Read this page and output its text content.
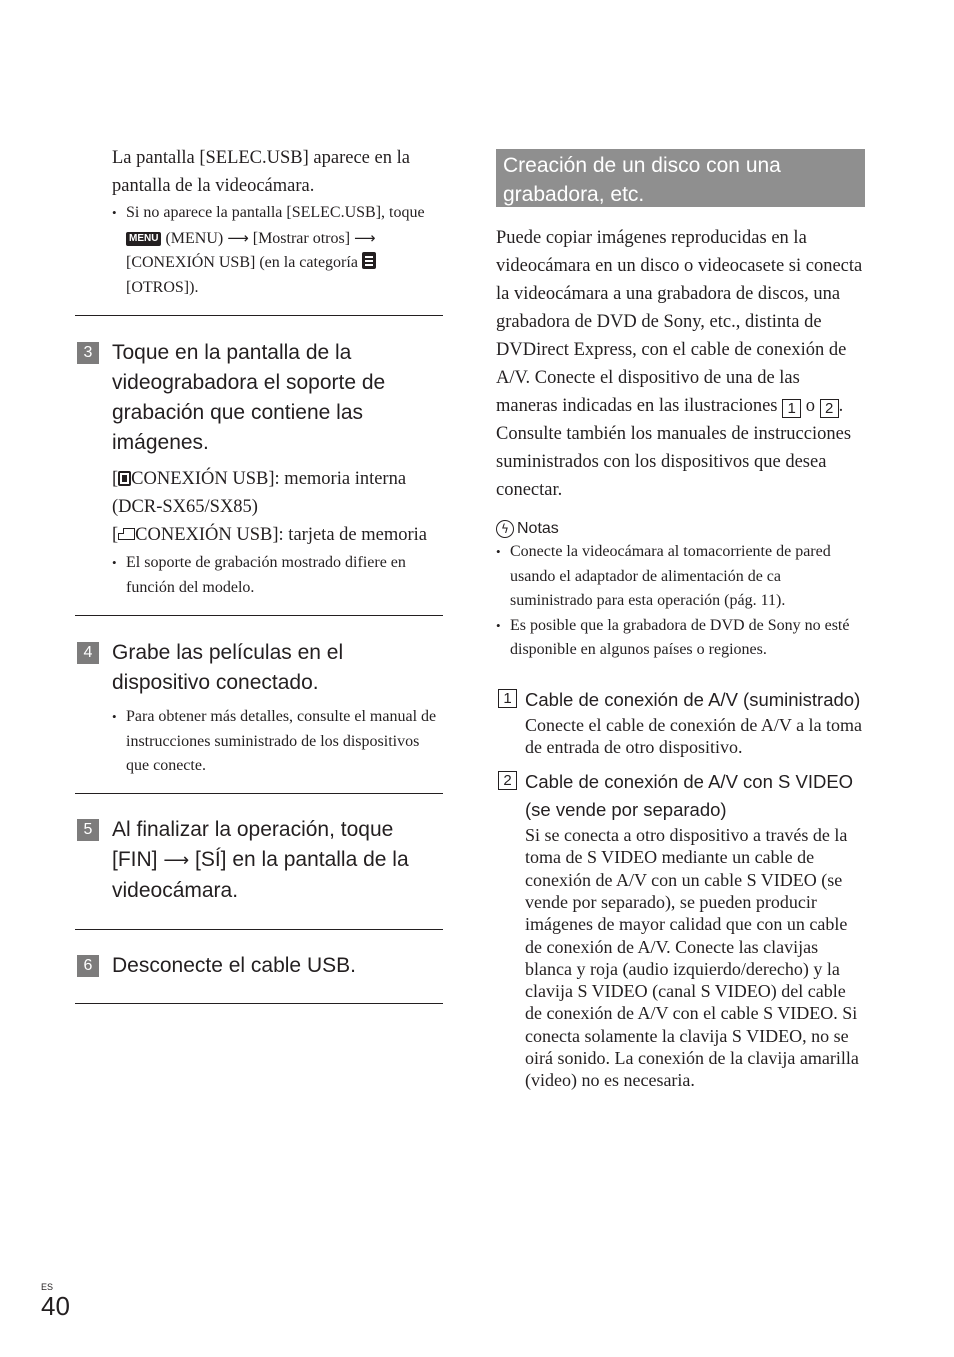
La pantalla [SELEC.USB] aparece en la pantalla de la videocámara.
• Si no aparece la pantalla [SELEC.USB], toque MENU (MENU) ⟶ [Mostrar otros] ⟶ [CONEXIÓN USB] (en la categoría [OTROS]).
3 Toque en la pantalla de la videograbadora el soporte de grabación que contiene las imágenes.
[ CONEXIÓN USB]: memoria interna (DCR-SX65/SX85)
[ CONEXIÓN USB]: tarjeta de memoria
• El soporte de grabación mostrado difiere en función del modelo.
4 Grabe las películas en el dispositivo conectado.
• Para obtener más detalles, consulte el manual de instrucciones suministrado de los dispositivos que conecte.
5 Al finalizar la operación, toque [FIN] ⟶ [SÍ] en la pantalla de la videocámara.
6 Desconecte el cable USB.
Creación de un disco con una grabadora, etc.
Puede copiar imágenes reproducidas en la videocámara en un disco o videocasete si conecta la videocámara a una grabadora de discos, una grabadora de DVD de Sony, etc., distinta de DVDirect Express, con el cable de conexión de A/V. Conecte el dispositivo de una de las maneras indicadas en las ilustraciones 1 o 2 . Consulte también los manuales de instrucciones suministrados con los dispositivos que desea conectar.
ϟ Notas
• Conecte la videocámara al tomacorriente de pared usando el adaptador de alimentación de ca suministrado para esta operación (pág. 11).
• Es posible que la grabadora de DVD de Sony no esté disponible en algunos países o regiones.
1 Cable de conexión de A/V (suministrado)
Conecte el cable de conexión de A/V a la toma de entrada de otro dispositivo.
2 Cable de conexión de A/V con S VIDEO (se vende por separado)
Si se conecta a otro dispositivo a través de la toma de S VIDEO mediante un cable de conexión de A/V con un cable S VIDEO (se vende por separado), se pueden producir imágenes de mayor calidad que con un cable de conexión de A/V. Conecte las clavijas blanca y roja (audio izquierdo/derecho) y la clavija S VIDEO (canal S VIDEO) del cable de conexión de A/V con el cable S VIDEO. Si conecta solamente la clavija S VIDEO, no se oirá sonido. La conexión de la clavija amarilla (video) no es necesaria.
ES
40
